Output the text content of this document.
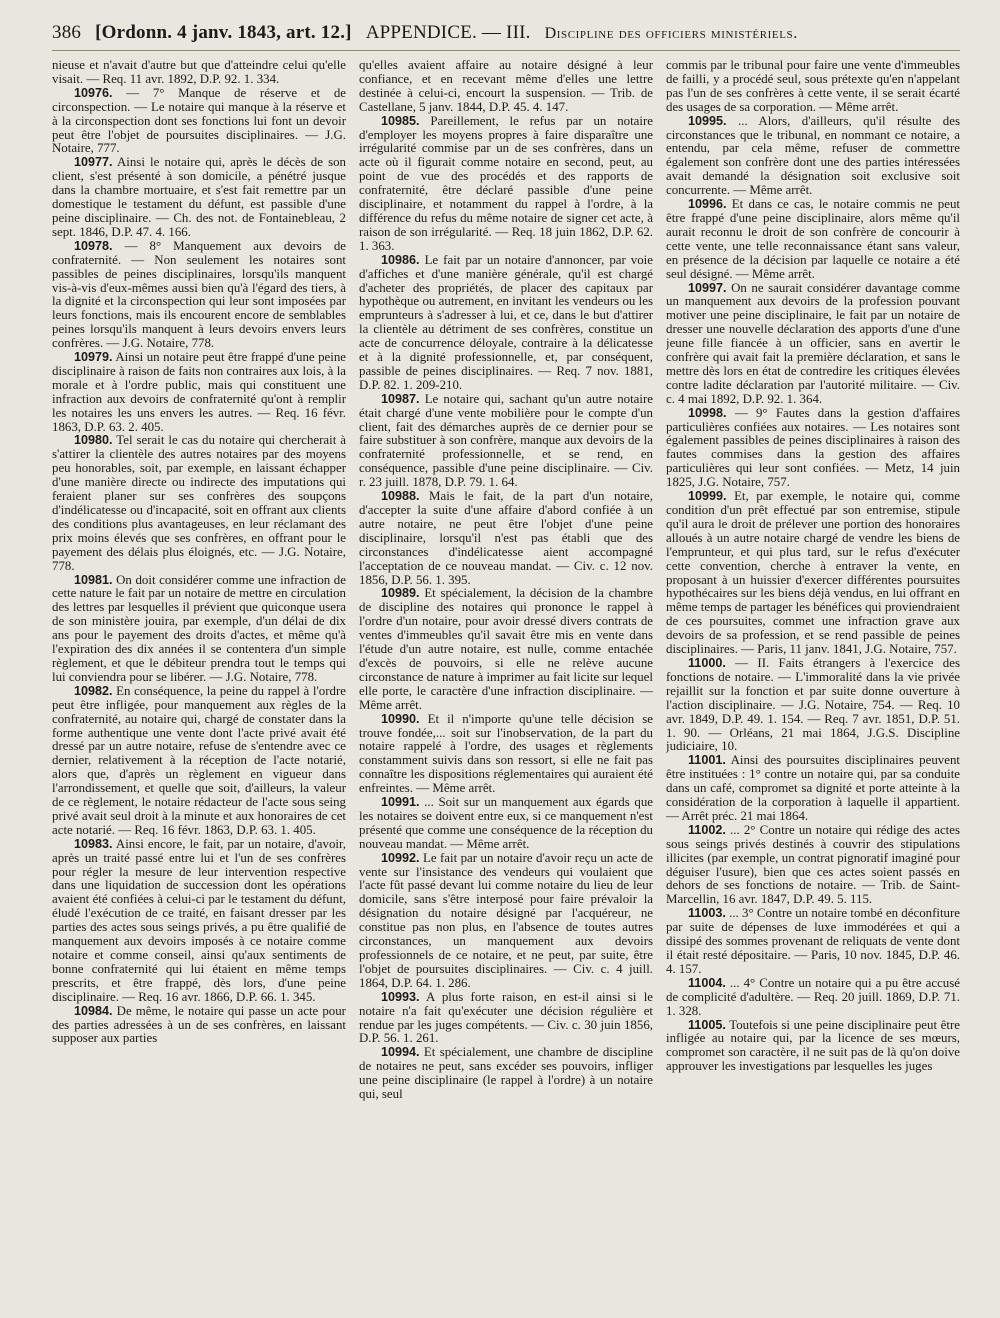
386 [Ordonn. 4 janv. 1843, art. 12.] APPENDICE. — III. Discipline des officiers ministériels.

nieuse et n'avait d'autre but que d'atteindre celui qu'elle visait. — Req. 11 avr. 1892, D.P. 92. 1. 334.

10976. — 7° Manque de réserve et de circonspection. — Le notaire qui manque à la réserve et à la circonspection dont ses fonctions lui font un devoir peut être l'objet de poursuites disciplinaires. — J.G. Notaire, 777.

10977. Ainsi le notaire qui, après le décès de son client, s'est présenté à son domicile, a pénétré jusque dans la chambre mortuaire, et s'est fait remettre par un domestique le testament du défunt, est passible d'une peine disciplinaire. — Ch. des not. de Fontainebleau, 2 sept. 1846, D.P. 47. 4. 166.

10978. — 8° Manquement aux devoirs de confraternité. — Non seulement les notaires sont passibles de peines disciplinaires, lorsqu'ils manquent vis-à-vis d'eux-mêmes aussi bien qu'à l'égard des tiers, à la dignité et la circonspection qui leur sont imposées par leurs fonctions, mais ils encourent encore de semblables peines lorsqu'ils manquent à leurs devoirs envers leurs confrères. — J.G. Notaire, 778.

10979. Ainsi un notaire peut être frappé d'une peine disciplinaire à raison de faits non contraires aux lois, à la morale et à l'ordre public, mais qui constituent une infraction aux devoirs de confraternité qu'ont à remplir les notaires les uns envers les autres. — Req. 16 févr. 1863, D.P. 63. 2. 405.

10980. Tel serait le cas du notaire qui chercherait à s'attirer la clientèle des autres notaires par des moyens peu honorables, soit, par exemple, en laissant échapper d'une manière directe ou indirecte des imputations qui feraient planer sur ses confrères des soupçons d'indélicatesse ou d'incapacité, soit en offrant aux clients des conditions plus avantageuses, en leur réclamant des prix moins élevés que ses confrères, en offrant pour le payement des délais plus éloignés, etc. — J.G. Notaire, 778.

10981. On doit considérer comme une infraction de cette nature le fait par un notaire de mettre en circulation des lettres par lesquelles il prévient que quiconque usera de son ministère jouira, par exemple, d'un délai de dix ans pour le payement des droits d'actes, et même qu'à l'expiration des dix années il se contentera d'un simple règlement, et que le débiteur prendra tout le temps qui lui conviendra pour se libérer. — J.G. Notaire, 778.

10982. En conséquence, la peine du rappel à l'ordre peut être infligée, pour manquement aux règles de la confraternité, au notaire qui, chargé de constater dans la forme authentique une vente dont l'acte privé avait été dressé par un autre notaire, refuse de s'entendre avec ce dernier, relativement à la réception de l'acte notarié, alors que, d'après un règlement en vigueur dans l'arrondissement, et quelle que soit, d'ailleurs, la valeur de ce règlement, le notaire rédacteur de l'acte sous seing privé avait seul droit à la minute et aux honoraires de cet acte notarié. — Req. 16 févr. 1863, D.P. 63. 1. 405.

10983. Ainsi encore, le fait, par un notaire, d'avoir, après un traité passé entre lui et l'un de ses confrères pour régler la mesure de leur intervention respective dans une liquidation de succession dont les opérations avaient été confiées à celui-ci par le testament du défunt, éludé l'exécution de ce traité, en faisant dresser par les parties des actes sous seings privés, a pu être qualifié de manquement aux devoirs imposés à ce notaire comme notaire et comme conseil, ainsi qu'aux sentiments de bonne confraternité qui lui étaient en même temps prescrits, et être frappé, dès lors, d'une peine disciplinaire. — Req. 16 avr. 1866, D.P. 66. 1. 345.

10984. De même, le notaire qui passe un acte pour des parties adressées à un de ses confrères, en laissant supposer aux parties

qu'elles avaient affaire au notaire désigné à leur confiance, et en recevant même d'elles une lettre destinée à celui-ci, encourt la suspension. — Trib. de Castellane, 5 janv. 1844, D.P. 45. 4. 147.

10985. Pareillement, le refus par un notaire d'employer les moyens propres à faire disparaître une irrégularité commise par un de ses confrères, dans un acte où il figurait comme notaire en second, peut, au point de vue des procédés et des rapports de confraternité, être déclaré passible d'une peine disciplinaire, et notamment du rappel à l'ordre, à la différence du refus du même notaire de signer cet acte, à raison de son irrégularité. — Req. 18 juin 1862, D.P. 62. 1. 363.

10986. Le fait par un notaire d'annoncer, par voie d'affiches et d'une manière générale, qu'il est chargé d'acheter des propriétés, de placer des capitaux par hypothèque ou autrement, en invitant les vendeurs ou les emprunteurs à s'adresser à lui, et ce, dans le but d'attirer la clientèle au détriment de ses confrères, constitue un acte de concurrence déloyale, contraire à la délicatesse et à la dignité professionnelle, et, par conséquent, passible de peines disciplinaires. — Req. 7 nov. 1881, D.P. 82. 1. 209-210.

10987. Le notaire qui, sachant qu'un autre notaire était chargé d'une vente mobilière pour le compte d'un client, fait des démarches auprès de ce dernier pour se faire substituer à son confrère, manque aux devoirs de la confraternité professionnelle, et se rend, en conséquence, passible d'une peine disciplinaire. — Civ. r. 23 juill. 1878, D.P. 79. 1. 64.

10988. Mais le fait, de la part d'un notaire, d'accepter la suite d'une affaire d'abord confiée à un autre notaire, ne peut être l'objet d'une peine disciplinaire, lorsqu'il n'est pas établi que des circonstances d'indélicatesse aient accompagné l'acceptation de ce nouveau mandat. — Civ. c. 12 nov. 1856, D.P. 56. 1. 395.

10989. Et spécialement, la décision de la chambre de discipline des notaires qui prononce le rappel à l'ordre d'un notaire, pour avoir dressé divers contrats de ventes d'immeubles qu'il savait être mis en vente dans l'étude d'un autre notaire, est nulle, comme entachée d'excès de pouvoirs, si elle ne relève aucune circonstance de nature à imprimer au fait licite sur lequel elle porte, le caractère d'une infraction disciplinaire. — Même arrêt.

10990. Et il n'importe qu'une telle décision se trouve fondée,... soit sur l'inobservation, de la part du notaire rappelé à l'ordre, des usages et règlements constamment suivis dans son ressort, si elle ne fait pas connaître les dispositions réglementaires qui auraient été enfreintes. — Même arrêt.

10991. ... Soit sur un manquement aux égards que les notaires se doivent entre eux, si ce manquement n'est présenté que comme une conséquence de la réception du nouveau mandat. — Même arrêt.

10992. Le fait par un notaire d'avoir reçu un acte de vente sur l'insistance des vendeurs qui voulaient que l'acte fût passé devant lui comme notaire du lieu de leur domicile, sans s'être interposé pour faire prévaloir la désignation du notaire désigné par l'acquéreur, ne constitue pas non plus, en l'absence de toutes autres circonstances, un manquement aux devoirs professionnels de ce notaire, et ne peut, par suite, être l'objet de poursuites disciplinaires. — Civ. c. 4 juill. 1864, D.P. 64. 1. 286.

10993. A plus forte raison, en est-il ainsi si le notaire n'a fait qu'exécuter une décision régulière et rendue par les juges compétents. — Civ. c. 30 juin 1856, D.P. 56. 1. 261.

10994. Et spécialement, une chambre de discipline de notaires ne peut, sans excéder ses pouvoirs, infliger une peine disciplinaire (le rappel à l'ordre) à un notaire qui, seul

commis par le tribunal pour faire une vente d'immeubles de failli, y a procédé seul, sous prétexte qu'en n'appelant pas l'un de ses confrères à cette vente, il se serait écarté des usages de sa corporation. — Même arrêt.

10995. ... Alors, d'ailleurs, qu'il résulte des circonstances que le tribunal, en nommant ce notaire, a entendu, par cela même, refuser de commettre également son confrère dont une des parties intéressées avait demandé la désignation soit exclusive soit concurrente. — Même arrêt.

10996. Et dans ce cas, le notaire commis ne peut être frappé d'une peine disciplinaire, alors même qu'il aurait reconnu le droit de son confrère de concourir à cette vente, une telle reconnaissance étant sans valeur, en présence de la décision par laquelle ce notaire a été seul désigné. — Même arrêt.

10997. On ne saurait considérer davantage comme un manquement aux devoirs de la profession pouvant motiver une peine disciplinaire, le fait par un notaire de dresser une nouvelle déclaration des apports d'une d'une jeune fille fiancée à un officier, sans en avertir le confrère qui avait fait la première déclaration, et sans le mettre dès lors en état de contredire les critiques élevées contre ladite déclaration par l'autorité militaire. — Civ. c. 4 mai 1892, D.P. 92. 1. 364.

10998. — 9° Fautes dans la gestion d'affaires particulières confiées aux notaires. — Les notaires sont également passibles de peines disciplinaires à raison des fautes commises dans la gestion des affaires particulières qui leur sont confiées. — Metz, 14 juin 1825, J.G. Notaire, 757.

10999. Et, par exemple, le notaire qui, comme condition d'un prêt effectué par son entremise, stipule qu'il aura le droit de prélever une portion des honoraires alloués à un autre notaire chargé de vendre les biens de l'emprunteur, et qui plus tard, sur le refus d'exécuter cette convention, cherche à entraver la vente, en proposant à un huissier d'exercer différentes poursuites hypothécaires sur les biens déjà vendus, en lui offrant en même temps de partager les bénéfices qui proviendraient de ces poursuites, commet une infraction grave aux devoirs de sa profession, et se rend passible de peines disciplinaires. — Paris, 11 janv. 1841, J.G. Notaire, 757.

11000. — II. Faits étrangers à l'exercice des fonctions de notaire. — L'immoralité dans la vie privée rejaillit sur la fonction et par suite donne ouverture à l'action disciplinaire. — J.G. Notaire, 754. — Req. 10 avr. 1849, D.P. 49. 1. 154. — Req. 7 avr. 1851, D.P. 51. 1. 90. — Orléans, 21 mai 1864, J.G.S. Discipline judiciaire, 10.

11001. Ainsi des poursuites disciplinaires peuvent être instituées : 1° contre un notaire qui, par sa conduite dans un café, compromet sa dignité et porte atteinte à la considération de la corporation à laquelle il appartient. — Arrêt préc. 21 mai 1864.

11002. ... 2° Contre un notaire qui rédige des actes sous seings privés destinés à couvrir des stipulations illicites (par exemple, un contrat pignoratif imaginé pour déguiser l'usure), bien que ces actes soient passés en dehors de ses fonctions de notaire. — Trib. de Saint-Marcellin, 16 avr. 1847, D.P. 49. 5. 115.

11003. ... 3° Contre un notaire tombé en déconfiture par suite de dépenses de luxe immodérées et qui a dissipé des sommes provenant de reliquats de vente dont il était resté dépositaire. — Paris, 10 nov. 1845, D.P. 46. 4. 157.

11004. ... 4° Contre un notaire qui a pu être accusé de complicité d'adultère. — Req. 20 juill. 1869, D.P. 71. 1. 328.

11005. Toutefois si une peine disciplinaire peut être infligée au notaire qui, par la licence de ses mœurs, compromet son caractère, il ne suit pas de là qu'on doive approuver les investigations par lesquelles les juges
